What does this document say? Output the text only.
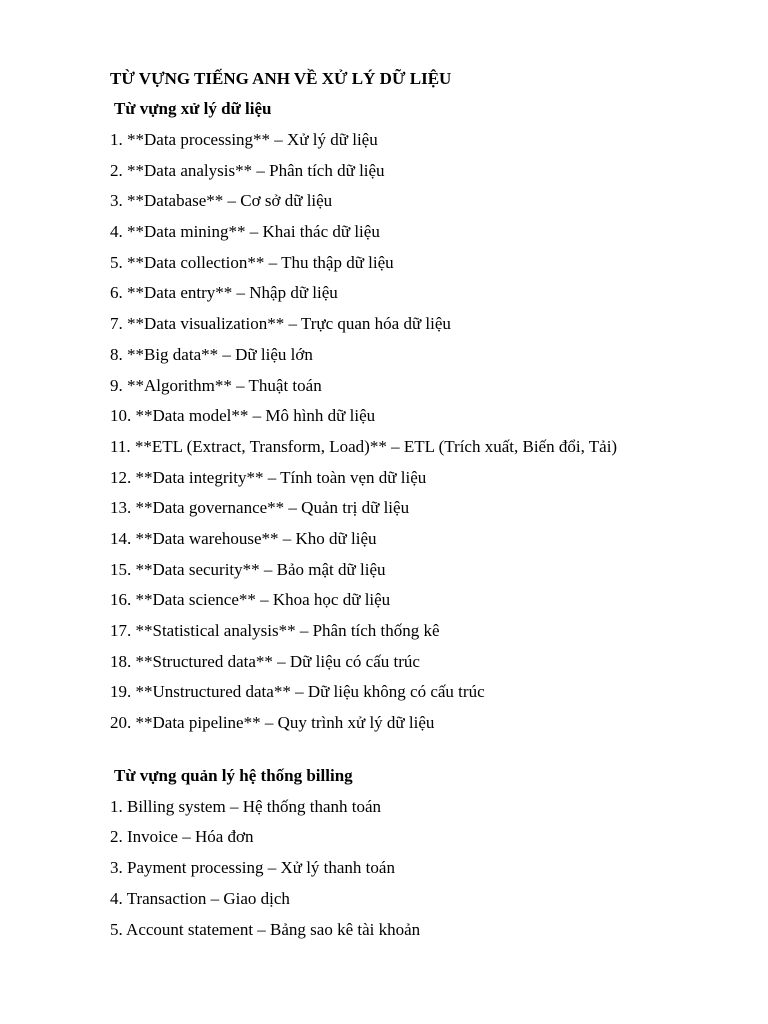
TỪ VỰNG TIẾNG ANH VỀ XỬ LÝ DỮ LIỆU
Từ vựng xử lý dữ liệu
1. **Data processing** – Xử lý dữ liệu
2. **Data analysis** – Phân tích dữ liệu
3. **Database** – Cơ sở dữ liệu
4. **Data mining** – Khai thác dữ liệu
5. **Data collection** – Thu thập dữ liệu
6. **Data entry** – Nhập dữ liệu
7. **Data visualization** – Trực quan hóa dữ liệu
8. **Big data** – Dữ liệu lớn
9. **Algorithm** – Thuật toán
10. **Data model** – Mô hình dữ liệu
11. **ETL (Extract, Transform, Load)** – ETL (Trích xuất, Biến đổi, Tải)
12. **Data integrity** – Tính toàn vẹn dữ liệu
13. **Data governance** – Quản trị dữ liệu
14. **Data warehouse** – Kho dữ liệu
15. **Data security** – Bảo mật dữ liệu
16. **Data science** – Khoa học dữ liệu
17. **Statistical analysis** – Phân tích thống kê
18. **Structured data** – Dữ liệu có cấu trúc
19. **Unstructured data** – Dữ liệu không có cấu trúc
20. **Data pipeline** – Quy trình xử lý dữ liệu
Từ vựng quản lý hệ thống billing
1. Billing system – Hệ thống thanh toán
2. Invoice – Hóa đơn
3. Payment processing – Xử lý thanh toán
4. Transaction – Giao dịch
5. Account statement – Bảng sao kê tài khoản
